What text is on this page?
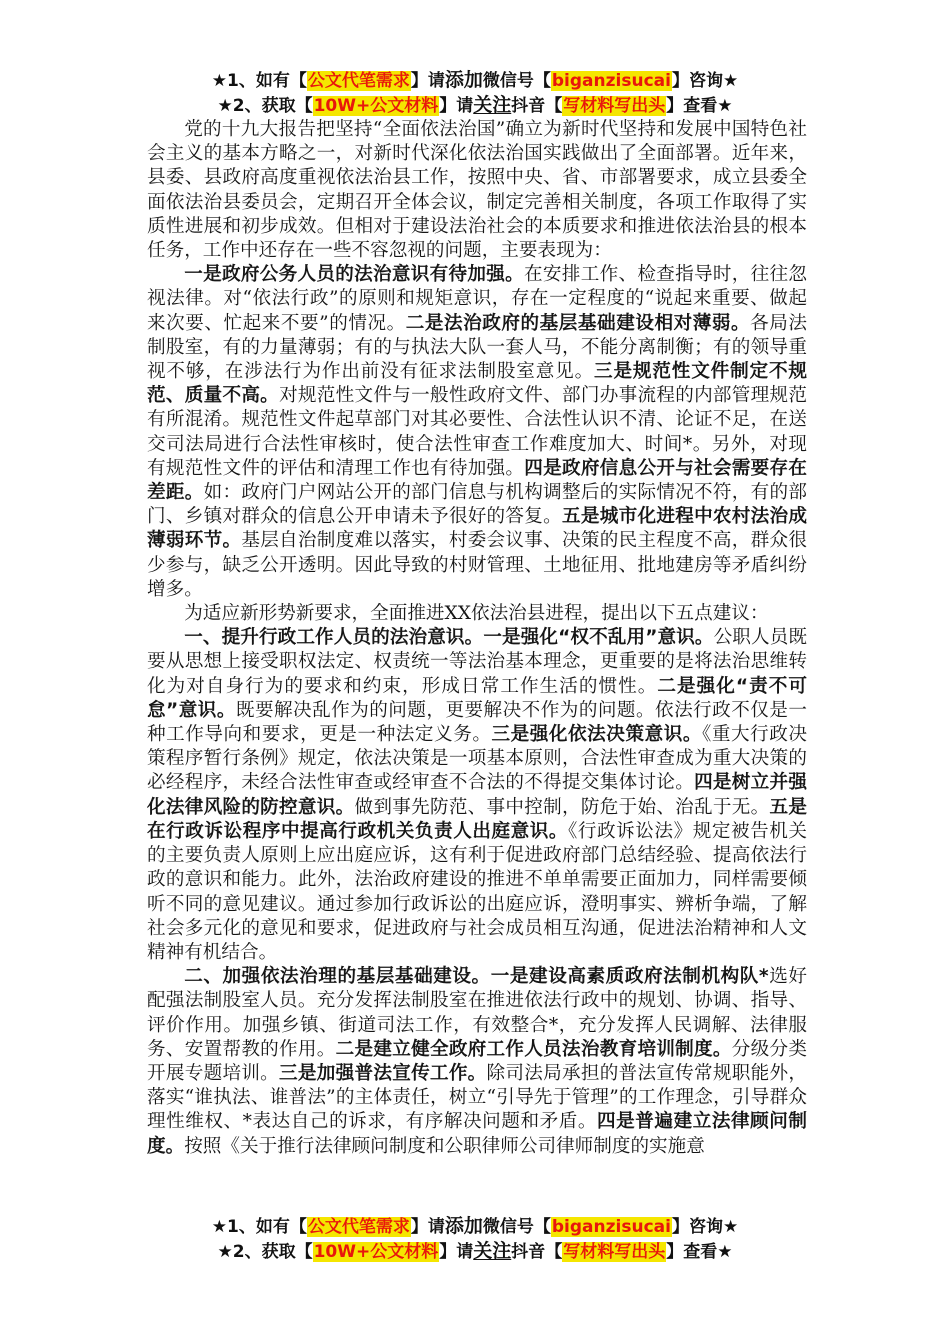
★1、如有【公文代笔需求】请添加微信号【biganzisucai】咨询★
★2、获取【10W+公文材料】请关注抖音【写材料写出头】查看★

党的十九大报告把坚持“全面依法治国”确立为新时代坚持和发展中国特色社会主义的基本方略之一，对新时代深化依法治国实践做出了全面部署。近年来，县委、县政府高度重视依法治县工作，按照中央、省、市部署要求，成立县委全面依法治县委员会，定期召开全体会议，制定完善相关制度，各项工作取得了实质性进展和初步成效。但相对于建设法治社会的本质要求和推进依法治县的根本任务，工作中还存在一些不容忽视的问题，主要表现为：

一是政府公务人员的法治意识有待加强。在安排工作、检查指导时，往往忽视法律。对“依法行政”的原则和规矩意识，存在一定程度的“说起来重要、做起来次要、忙起来不要”的情况。二是法治政府的基层基础建设相对薄弱。各局法制股室，有的力量薄弱；有的与执法大队一套人马，不能分离制衡；有的领导重视不够，在涉法行为作出前没有征求法制股室意见。三是规范性文件制定不规范、质量不高。对规范性文件与一般性政府文件、部门办事流程的内部管理规范有所混淆。规范性文件起草部门对其必要性、合法性认识不清、论证不足，在送交司法局进行合法性审核时，使合法性审查工作难度加大、时间*。另外，对现有规范性文件的评估和清理工作也有待加强。四是政府信息公开与社会需要存在差距。如：政府门户网站公开的部门信息与机构调整后的实际情况不符，有的部门、乡镇对群众的信息公开申请未予很好的答复。五是城市化进程中农村法治成薄弱环节。基层自治制度难以落实，村委会议事、决策的民主程度不高，群众很少参与，缺乏公开透明。因此导致的村财管理、土地征用、批地建房等矛盾纠纷增多。

为适应新形势新要求，全面推进XX依法治县进程，提出以下五点建议：

一、提升行政工作人员的法治意识。一是强化“权不乱用”意识。公职人员既要从思想上接受职权法定、权责统一等法治基本理念，更重要的是将法治思维转化为对自身行为的要求和约束，形成日常工作生活的惯性。二是强化“责不可怠”意识。既要解决乱作为的问题，更要解决不作为的问题。依法行政不仅是一种工作导向和要求，更是一种法定义务。三是强化依法决策意识。《重大行政决策程序暂行条例》规定，依法决策是一项基本原则，合法性审查成为重大决策的必经程序，未经合法性审查或经审查不合法的不得提交集体讨论。四是树立并强化法律风险的防控意识。做到事先防范、事中控制，防危于始、治乱于无。五是在行政诉讼程序中提高行政机关负责人出庭意识。《行政诉讼法》规定被告机关的主要负责人原则上应出庭应诉，这有利于促进政府部门总结经验、提高依法行政的意识和能力。此外，法治政府建设的推进不单单需要正面加力，同样需要倾听不同的意见建议。通过参加行政诉讼的出庭应诉，澄明事实、辨析争端，了解社会多元化的意见和要求，促进政府与社会成员相互沟通，促进法治精神和人文精神有机结合。

二、加强依法治理的基层基础建设。一是建设高素质政府法制机构队*选好配强法制股室人员。充分发挥法制股室在推进依法行政中的规划、协调、指导、评价作用。加强乡镇、街道司法工作，有效整合*，充分发挥人民调解、法律服务、安置帮教的作用。二是建立健全政府工作人员法治教育培训制度。分级分类开展专题培训。三是加强普法宣传工作。除司法局承担的普法宣传常规职能外，落实“谁执法、谁普法”的主体责任，树立“引导先于管理”的工作理念，引导群众理性维权、*表达自己的诉求，有序解决问题和矛盾。四是普遍建立法律顾问制度。按照《关于推行法律顾问制度和公职律师公司律师制度的实施意

★1、如有【公文代笔需求】请添加微信号【biganzisucai】咨询★
★2、获取【10W+公文材料】请关注抖音【写材料写出头】查看★
